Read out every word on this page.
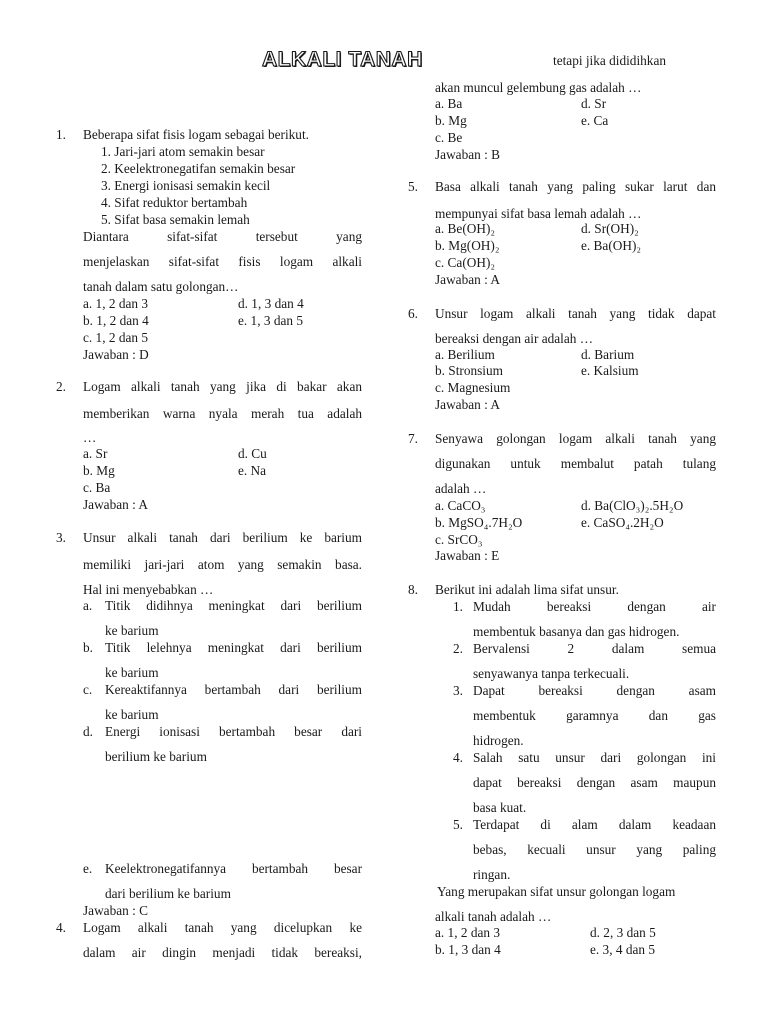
ALKALI TANAH
1. Beberapa sifat fisis logam sebagai berikut.
1. Jari-jari atom semakin besar
2. Keelektronegatifan semakin besar
3. Energi ionisasi semakin kecil
4. Sifat reduktor bertambah
5. Sifat basa semakin lemah
Diantara sifat-sifat tersebut yang
menjelaskan sifat-sifat fisis logam alkali
tanah dalam satu golongan…
a. 1, 2 dan 3
b. 1, 2 dan 4
c. 1, 2 dan 5
d. 1, 3 dan 4
e. 1, 3 dan 5
Jawaban : D
2. Logam alkali tanah yang jika di bakar akan
memberikan warna nyala merah tua adalah
…
a. Sr
b. Mg
c. Ba
d. Cu
e. Na
Jawaban : A
3. Unsur alkali tanah dari berilium ke barium
memiliki jari-jari atom yang semakin basa.
Hal ini menyebabkan …
a. Titik didihnya meningkat dari berilium
ke barium
b. Titik lelehnya meningkat dari berilium
ke barium
c. Kereaktifannya bertambah dari berilium
ke barium
d. Energi ionisasi bertambah besar dari
berilium ke barium
e. Keelektronegatifannya bertambah besar
dari berilium ke barium
Jawaban : C
4. Logam alkali tanah yang dicelupkan ke
dalam air dingin menjadi tidak bereaksi,
tetapi jika dididihkan
akan muncul gelembung gas adalah …
a. Ba
b. Mg
c. Be
d. Sr
e. Ca
Jawaban : B
5. Basa alkali tanah yang paling sukar larut dan
mempunyai sifat basa lemah adalah …
a. Be(OH)₂
b. Mg(OH)₂
c. Ca(OH)₂
d. Sr(OH)₂
e. Ba(OH)₂
Jawaban : A
6. Unsur logam alkali tanah yang tidak dapat
bereaksi dengan air adalah …
a. Berilium
b. Stronsium
c. Magnesium
d. Barium
e. Kalsium
Jawaban : A
7. Senyawa golongan logam alkali tanah yang
digunakan untuk membalut patah tulang
adalah …
a. CaCO₃
b. MgSO₄.7H₂O
c. SrCO₃
d. Ba(ClO₃)₂.5H₂O
e. CaSO₄.2H₂O
Jawaban : E
8. Berikut ini adalah lima sifat unsur.
1. Mudah bereaksi dengan air
membentuk basanya dan gas hidrogen.
2. Bervalensi 2 dalam semua
senyawanya tanpa terkecuali.
3. Dapat bereaksi dengan asam
membentuk garamnya dan gas
hidrogen.
4. Salah satu unsur dari golongan ini
dapat bereaksi dengan asam maupun
basa kuat.
5. Terdapat di alam dalam keadaan
bebas, kecuali unsur yang paling
ringan.
Yang merupakan sifat unsur golongan logam
alkali tanah adalah …
a. 1, 2 dan 3
b. 1, 3 dan 4
d. 2, 3 dan 5
e. 3, 4 dan 5
